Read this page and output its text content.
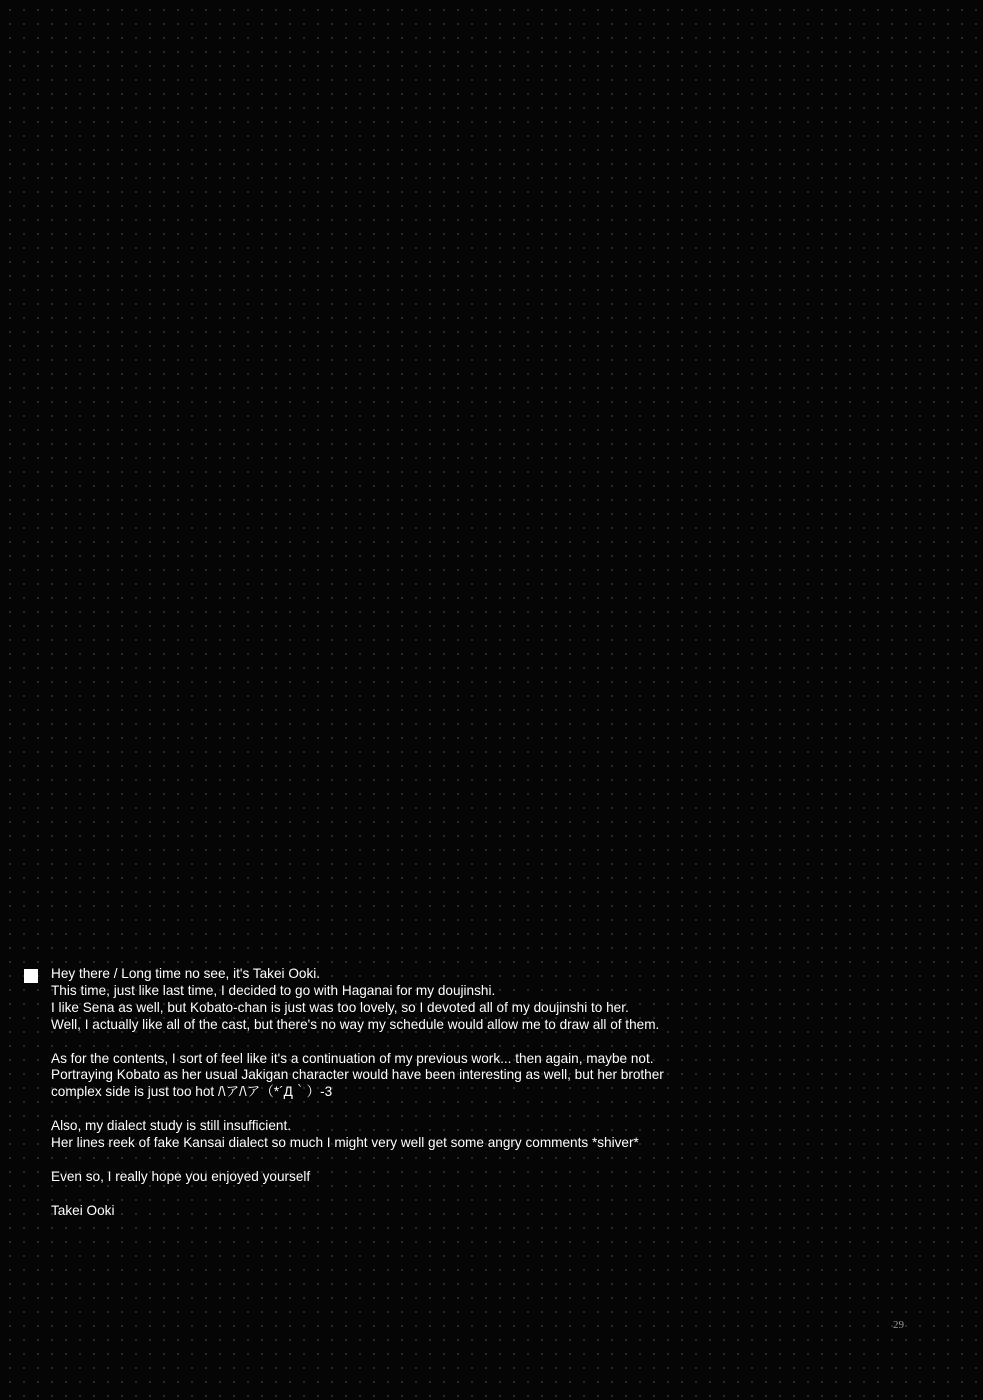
Hey there / Long time no see, it's Takei Ooki.
This time, just like last time, I decided to go with Haganai for my doujinshi.
I like Sena as well, but Kobato-chan is just was too lovely, so I devoted all of my doujinshi to her.
Well, I actually like all of the cast, but there's no way my schedule would allow me to draw all of them.
As for the contents, I sort of feel like it's a continuation of my previous work... then again, maybe not.
Portraying Kobato as her usual Jakigan character would have been interesting as well, but her brother
complex side is just too hot /\ア/\ア（*´Д｀）-3
Also, my dialect study is still insufficient.
Her lines reek of fake Kansai dialect so much I might very well get some angry comments *shiver*
Even so, I really hope you enjoyed yourself
Takei Ooki
29
